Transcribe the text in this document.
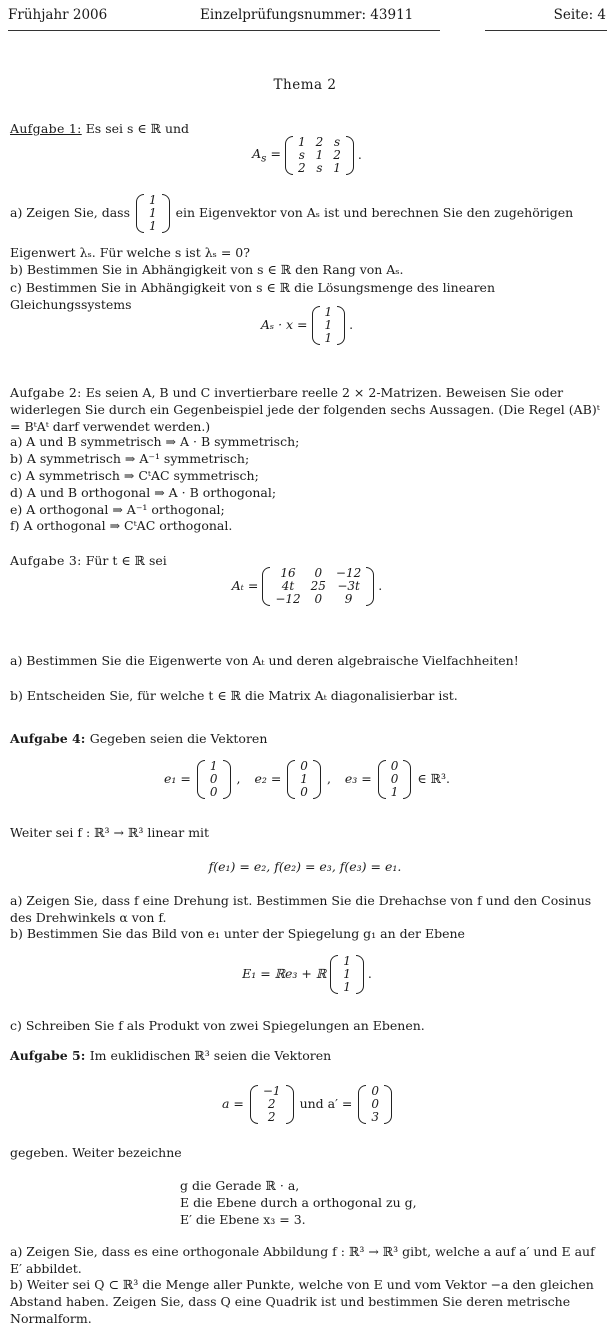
Frühjahr 2006	Einzelprüfungsnummer: 43911	Seite: 4
Thema 2
Aufgabe 1: Es sei s ∈ ℝ und
$A_s$ =
1	2	s
s	1	2
2	s	1
.
a) Zeigen Sie, dass
1
1
1
ein Eigenvektor von Aₛ ist und berechnen Sie den zugehörigen
Eigenwert λₛ. Für welche s ist λₛ = 0?
b) Bestimmen Sie in Abhängigkeit von s ∈ ℝ den Rang von Aₛ.
c) Bestimmen Sie in Abhängigkeit von s ∈ ℝ die Lösungsmenge des linearen Gleichungssystems
Aₛ · x =
1
1
1
.
Aufgabe 2: Es seien A, B und C invertierbare reelle 2 × 2-Matrizen. Beweisen Sie oder widerlegen Sie durch ein Gegenbeispiel jede der folgenden sechs Aussagen. (Die Regel (AB)ᵗ = BᵗAᵗ darf verwendet werden.)
a) A und B symmetrisch ⇒ A · B symmetrisch;
b) A symmetrisch ⇒ A⁻¹ symmetrisch;
c) A symmetrisch ⇒ CᵗAC symmetrisch;
d) A und B orthogonal ⇒ A · B orthogonal;
e) A orthogonal ⇒ A⁻¹ orthogonal;
f) A orthogonal ⇒ CᵗAC orthogonal.
Aufgabe 3: Für t ∈ ℝ sei
Aₜ =
16	0	−12
4t	25	−3t
−12	0	9
.
a) Bestimmen Sie die Eigenwerte von Aₜ und deren algebraische Vielfachheiten!
b) Entscheiden Sie, für welche t ∈ ℝ die Matrix Aₜ diagonalisierbar ist.
Aufgabe 4: Gegeben seien die Vektoren
e₁ =
1
0
0
, e₂ =
0
1
0
, e₃ =
0
0
1
∈ ℝ³.
Weiter sei f : ℝ³ → ℝ³ linear mit
f(e₁) = e₂, f(e₂) = e₃, f(e₃) = e₁.
a) Zeigen Sie, dass f eine Drehung ist. Bestimmen Sie die Drehachse von f und den Cosinus des Drehwinkels α von f.
b) Bestimmen Sie das Bild von e₁ unter der Spiegelung g₁ an der Ebene
E₁ = ℝe₃ + ℝ
1
1
1
.
c) Schreiben Sie f als Produkt von zwei Spiegelungen an Ebenen.
Aufgabe 5: Im euklidischen ℝ³ seien die Vektoren
a =
−1
2
2
und a′ =
0
0
3
gegeben. Weiter bezeichne
g die Gerade ℝ · a,
E die Ebene durch a orthogonal zu g,
E′ die Ebene x₃ = 3.
a) Zeigen Sie, dass es eine orthogonale Abbildung f : ℝ³ → ℝ³ gibt, welche a auf a′ und E auf E′ abbildet.
b) Weiter sei Q ⊂ ℝ³ die Menge aller Punkte, welche von E und vom Vektor −a den gleichen Abstand haben. Zeigen Sie, dass Q eine Quadrik ist und bestimmen Sie deren metrische Normalform.
